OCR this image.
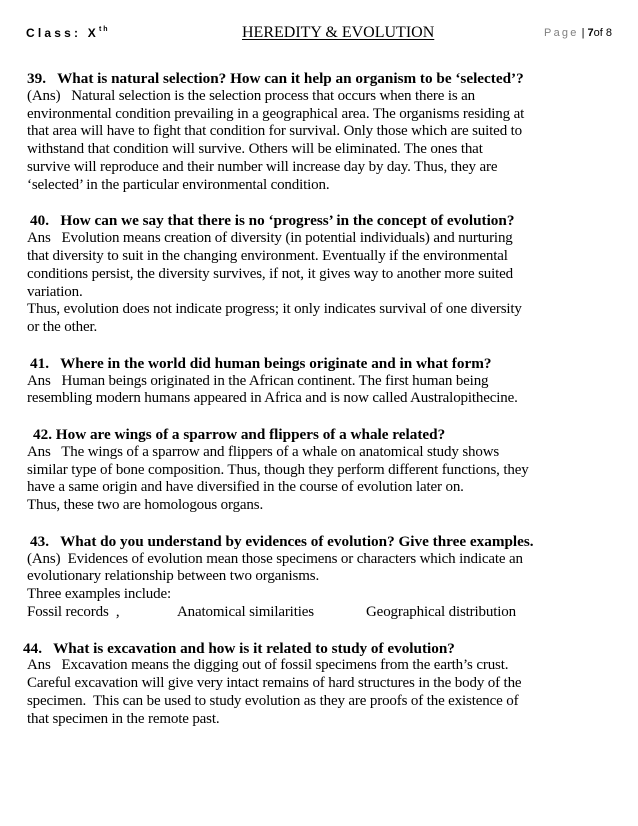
Class: Xth	HEREDITY & EVOLUTION	Page | 7of 8

39.   What is natural selection? How can it help an organism to be ‘selected’?

(Ans)   Natural selection is the selection process that occurs when there is an
environmental condition prevailing in a geographical area. The organisms residing at
that area will have to fight that condition for survival. Only those which are suited to
withstand that condition will survive. Others will be eliminated. The ones that
survive will reproduce and their number will increase day by day. Thus, they are
‘selected’ in the particular environmental condition.

40.   How can we say that there is no ‘progress’ in the concept of evolution?

Ans   Evolution means creation of diversity (in potential individuals) and nurturing
that diversity to suit in the changing environment. Eventually if the environmental
conditions persist, the diversity survives, if not, it gives way to another more suited
variation.
Thus, evolution does not indicate progress; it only indicates survival of one diversity
or the other.

41.   Where in the world did human beings originate and in what form?

Ans   Human beings originated in the African continent. The first human being
resembling modern humans appeared in Africa and is now called Australopithecine.

42. How are wings of a sparrow and flippers of a whale related?

Ans   The wings of a sparrow and flippers of a whale on anatomical study shows
similar type of bone composition. Thus, though they perform different functions, they
have a same origin and have diversified in the course of evolution later on.
Thus, these two are homologous organs.

43.   What do you understand by evidences of evolution? Give three examples.

(Ans)  Evidences of evolution mean those specimens or characters which indicate an
evolutionary relationship between two organisms.
Three examples include:
Fossil records  ,	Anatomical similarities	Geographical distribution

44.   What is excavation and how is it related to study of evolution?

Ans   Excavation means the digging out of fossil specimens from the earth’s crust.
Careful excavation will give very intact remains of hard structures in the body of the
specimen.  This can be used to study evolution as they are proofs of the existence of
that specimen in the remote past.
